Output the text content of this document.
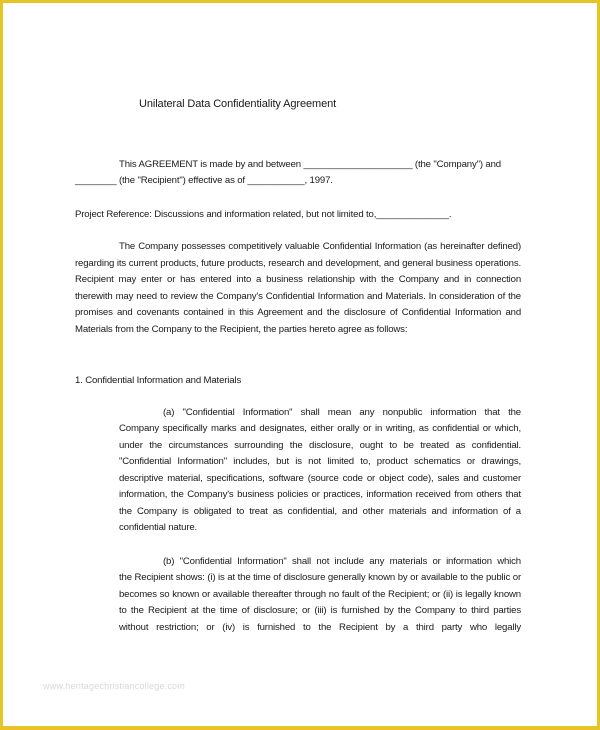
Unilateral Data Confidentiality Agreement

This AGREEMENT is made by and between _____________________ (the "Company") and

________ (the "Recipient") effective as of ___________, 1997.

Project Reference: Discussions and information related, but not limited to,______________.

The Company possesses competitively valuable Confidential Information (as hereinafter defined) regarding its current products, future products, research and development, and general business operations. Recipient may enter or has entered into a business relationship with the Company and in connection therewith may need to review the Company's Confidential Information and Materials. In consideration of the promises and covenants contained in this Agreement and the disclosure of Confidential Information and Materials from the Company to the Recipient, the parties hereto agree as follows:

1. Confidential Information and Materials

(a) "Confidential Information" shall mean any nonpublic information that the

Company specifically marks and designates, either orally or in writing, as confidential or which, under the circumstances surrounding the disclosure, ought to be treated as confidential. "Confidential Information" includes, but is not limited to, product schematics or drawings, descriptive material, specifications, software (source code or object code), sales and customer information, the Company's business policies or practices, information received from others that the Company is obligated to treat as confidential, and other materials and information of a confidential nature.

(b) "Confidential Information" shall not include any materials or information which

the Recipient shows: (i) is at the time of disclosure generally known by or available to the public or becomes so known or available thereafter through no fault of the Recipient; or (ii) is legally known to the Recipient at the time of disclosure; or (iii) is furnished by the Company to third parties without restriction; or (iv) is furnished to the Recipient by a third party who legally

www.heritagechristiancollege.com
